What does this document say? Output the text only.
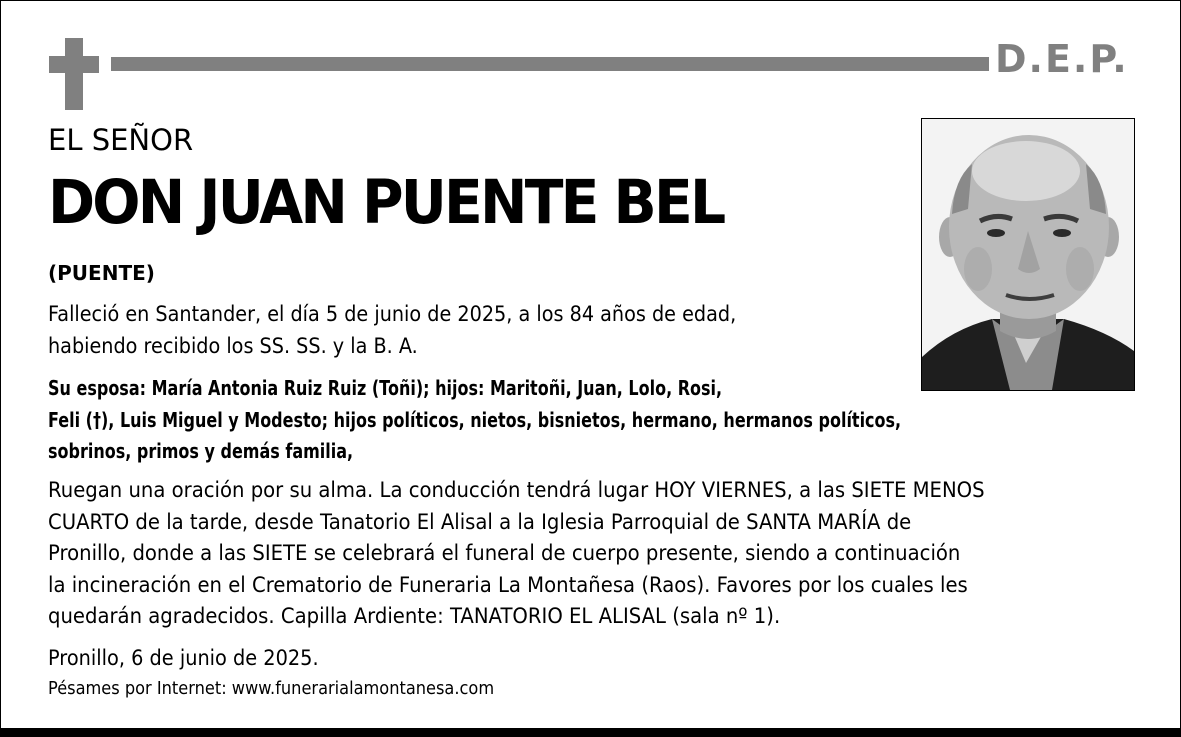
D.E.P.
EL SEÑOR
DON JUAN PUENTE BEL
(PUENTE)
Falleció en Santander, el día 5 de junio de 2025, a los 84 años de edad,
habiendo recibido los SS. SS. y la B. A.
Su esposa: María Antonia Ruiz Ruiz (Toñi); hijos: Maritoñi, Juan, Lolo, Rosi,
Feli (†), Luis Miguel y Modesto; hijos políticos, nietos, bisnietos, hermano, hermanos políticos,
sobrinos, primos y demás familia,
Ruegan una oración por su alma. La conducción tendrá lugar HOY VIERNES, a las SIETE MENOS
CUARTO de la tarde, desde Tanatorio El Alisal a la Iglesia Parroquial de SANTA MARÍA de
Pronillo, donde a las SIETE se celebrará el funeral de cuerpo presente, siendo a continuación
la incineración en el Crematorio de Funeraria La Montañesa (Raos). Favores por los cuales les
quedarán agradecidos. Capilla Ardiente: TANATORIO EL ALISAL (sala nº 1).
Pronillo, 6 de junio de 2025.
Pésames por Internet: www.funerarialamontanesa.com
